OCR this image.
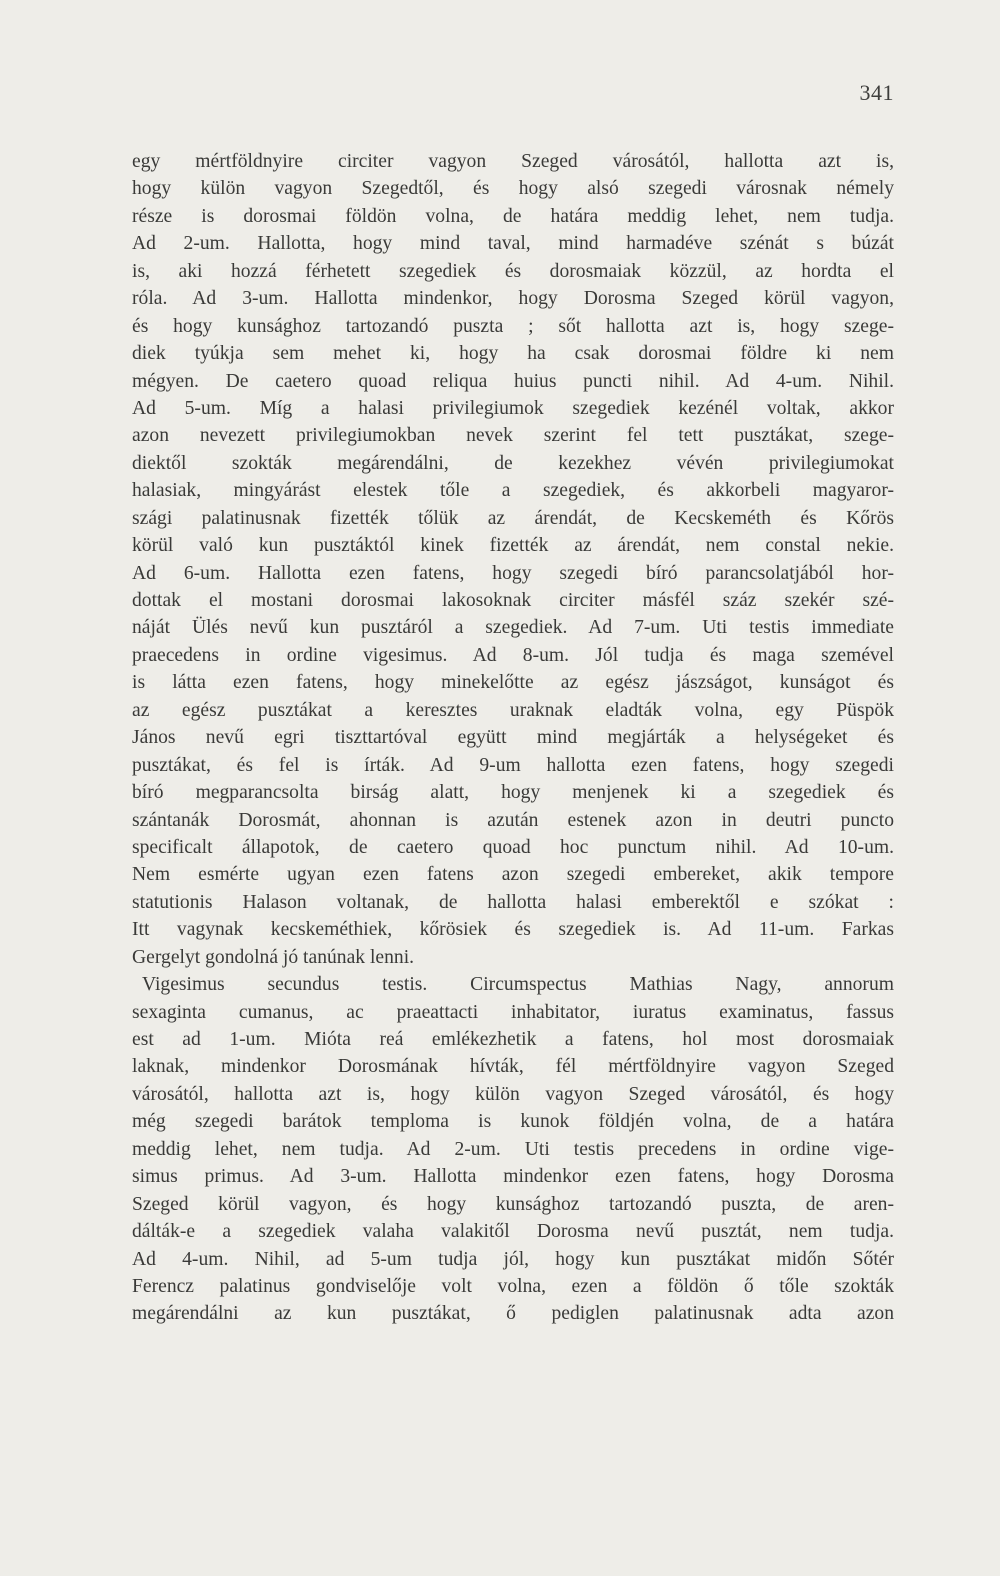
341
egy mértföldnyire circiter vagyon Szeged városától, hallotta azt is,
hogy külön vagyon Szegedtől, és hogy alsó szegedi városnak némely
része is dorosmai földön volna, de határa meddig lehet, nem tudja.
Ad 2-um. Hallotta, hogy mind taval, mind harmadéve szénát s búzát
is, aki hozzá férhetett szegediek és dorosmaiak közzül, az hordta el
róla. Ad 3-um. Hallotta mindenkor, hogy Dorosma Szeged körül vagyon,
és hogy kunsághoz tartozandó puszta ; sőt hallotta azt is, hogy szege-
diek tyúkja sem mehet ki, hogy ha csak dorosmai földre ki nem
mégyen. De caetero quoad reliqua huius puncti nihil. Ad 4-um. Nihil.
Ad 5-um. Míg a halasi privilegiumok szegediek kezénél voltak, akkor
azon nevezett privilegiumokban nevek szerint fel tett pusztákat, szege-
diektől szokták megárendálni, de kezekhez vévén privilegiumokat
halasiak, mingyárást elestek tőle a szegediek, és akkorbeli magyaror-
szági palatinusnak fizették tőlük az árendát, de Kecskeméth és Kőrös
körül való kun pusztáktól kinek fizették az árendát, nem constal nekie.
Ad 6-um. Hallotta ezen fatens, hogy szegedi bíró parancsolatjából hor-
dottak el mostani dorosmai lakosoknak circiter másfél száz szekér szé-
náját Ülés nevű kun pusztáról a szegediek. Ad 7-um. Uti testis immediate
praecedens in ordine vigesimus. Ad 8-um. Jól tudja és maga szemével
is látta ezen fatens, hogy minekelőtte az egész jászságot, kunságot és
az egész pusztákat a keresztes uraknak eladták volna, egy Püspök
János nevű egri tiszttartóval együtt mind megjárták a helységeket és
pusztákat, és fel is írták. Ad 9-um hallotta ezen fatens, hogy szegedi
bíró megparancsolta birság alatt, hogy menjenek ki a szegediek és
szántanák Dorosmát, ahonnan is azután estenek azon in deutri puncto
specificalt állapotok, de caetero quoad hoc punctum nihil. Ad 10-um.
Nem esmérte ugyan ezen fatens azon szegedi embereket, akik tempore
statutionis Halason voltanak, de hallotta halasi emberektől e szókat :
Itt vagynak kecskeméthiek, kőrösiek és szegediek is. Ad 11-um. Farkas
Gergelyt gondolná jó tanúnak lenni.
Vigesimus secundus testis. Circumspectus Mathias Nagy, annorum
sexaginta cumanus, ac praeattacti inhabitator, iuratus examinatus, fassus
est ad 1-um. Mióta reá emlékezhetik a fatens, hol most dorosmaiak
laknak, mindenkor Dorosmának hívták, fél mértföldnyire vagyon Szeged
városától, hallotta azt is, hogy külön vagyon Szeged városától, és hogy
még szegedi barátok temploma is kunok földjén volna, de a határa
meddig lehet, nem tudja. Ad 2-um. Uti testis precedens in ordine vige-
simus primus. Ad 3-um. Hallotta mindenkor ezen fatens, hogy Dorosma
Szeged körül vagyon, és hogy kunsághoz tartozandó puszta, de aren-
dálták-e a szegediek valaha valakitől Dorosma nevű pusztát, nem tudja.
Ad 4-um. Nihil, ad 5-um tudja jól, hogy kun pusztákat midőn Sőtér
Ferencz palatinus gondviselője volt volna, ezen a földön ő tőle szokták
megárendálni az kun pusztákat, ő pediglen palatinusnak adta azon
